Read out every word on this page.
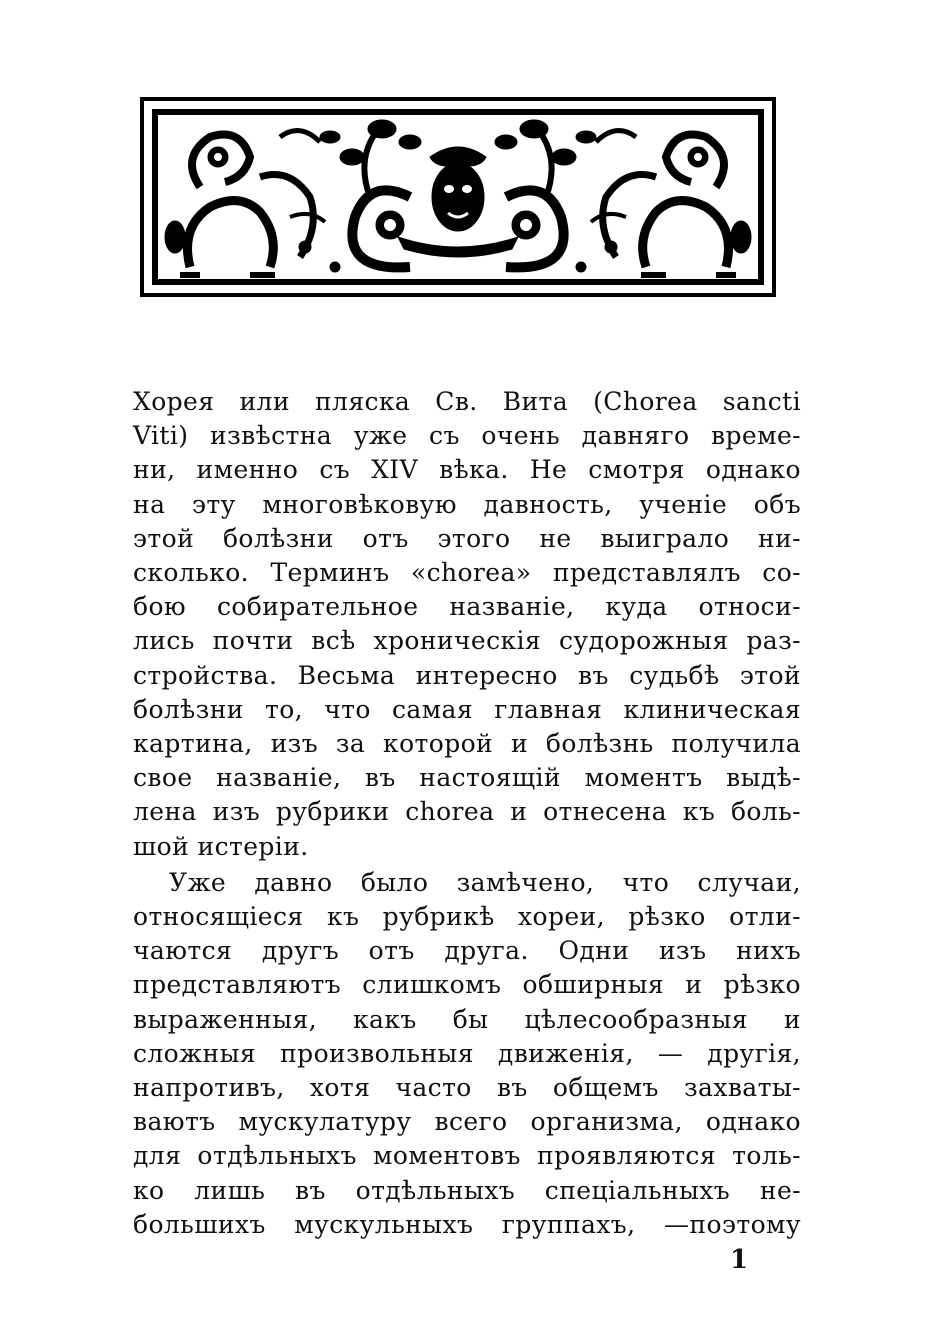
Хорея или пляска Св. Вита (Chorea sancti
Viti) извѣстна уже съ очень давняго време-
ни, именно съ XIV вѣка. Не смотря однако
на эту многовѣковую давность, ученіе объ
этой болѣзни отъ этого не выиграло ни-
сколько. Терминъ «chorea» представлялъ со-
бою собирательное названіе, куда относи-
лись почти всѣ хроническія судорожныя раз-
стройства. Весьма интересно въ судьбѣ этой
болѣзни то, что самая главная клиническая
картина, изъ за которой и болѣзнь получила
свое названіе, въ настоящій моментъ выдѣ-
лена изъ рубрики chorea и отнесена къ боль-
шой истеріи.
Уже давно было замѣчено, что случаи,
относящіеся къ рубрикѣ хореи, рѣзко отли-
чаются другъ отъ друга. Одни изъ нихъ
представляютъ слишкомъ обширныя и рѣзко
выраженныя, какъ бы цѣлесообразныя и
сложныя произвольныя движенія, — другія,
напротивъ, хотя часто въ общемъ захваты-
ваютъ мускулатуру всего организма, однако
для отдѣльныхъ моментовъ проявляются толь-
ко лишь въ отдѣльныхъ спеціальныхъ не-
большихъ мускульныхъ группахъ, —поэтому
1
